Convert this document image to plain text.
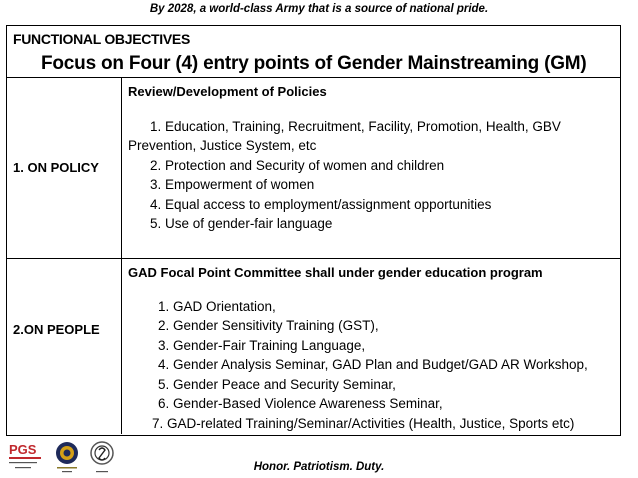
By 2028, a world-class Army that is a source of national pride.
FUNCTIONAL OBJECTIVES
Focus on Four (4) entry points of Gender Mainstreaming (GM)
1. ON POLICY
Review/Development of Policies
1. Education, Training, Recruitment, Facility, Promotion, Health, GBV
Prevention, Justice System, etc
2. Protection and Security of women and children
3. Empowerment of women
4. Equal access to employment/assignment opportunities
5. Use of gender-fair language
2.ON PEOPLE
GAD Focal Point Committee shall under gender education program
1. GAD Orientation,
2. Gender Sensitivity Training (GST),
3. Gender-Fair Training Language,
4. Gender Analysis Seminar, GAD Plan and Budget/GAD AR Workshop,
5. Gender Peace and Security Seminar,
6. Gender-Based Violence Awareness Seminar,
7. GAD-related Training/Seminar/Activities (Health, Justice, Sports etc)
PGS
Honor. Patriotism. Duty.
